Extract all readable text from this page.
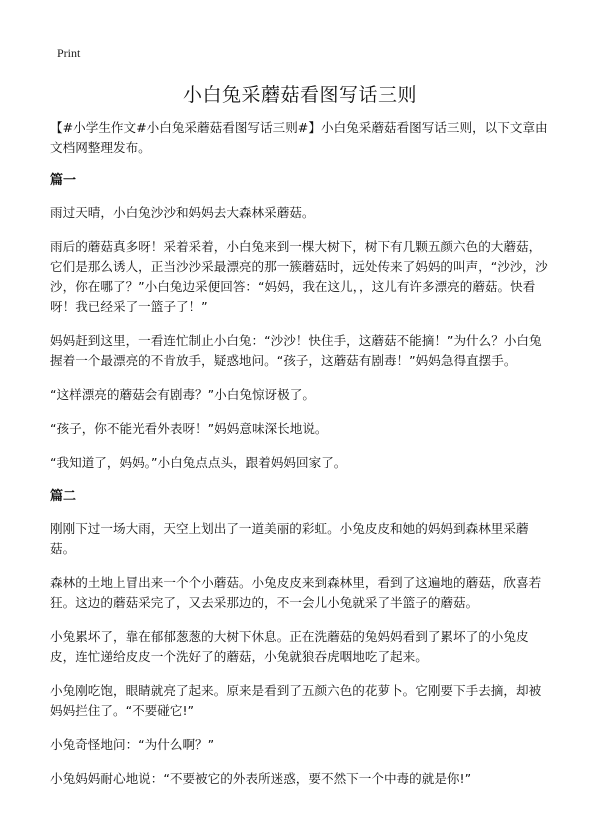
Print
小白兔采蘑菇看图写话三则

【#小学生作文#小白兔采蘑菇看图写话三则#】小白兔采蘑菇看图写话三则，以下文章由文档网整理发布。

篇一

雨过天晴，小白兔沙沙和妈妈去大森林采蘑菇。

雨后的蘑菇真多呀！采着采着，小白兔来到一棵大树下，树下有几颗五颜六色的大蘑菇，它们是那么诱人，正当沙沙采最漂亮的那一簇蘑菇时，远处传来了妈妈的叫声，“沙沙，沙沙，你在哪了？”小白兔边采便回答：“妈妈，我在这儿，，这儿有许多漂亮的蘑菇。快看呀！我已经采了一篮子了！”

妈妈赶到这里，一看连忙制止小白兔：“沙沙！快住手，这蘑菇不能摘！”为什么？小白兔握着一个最漂亮的不肯放手，疑惑地问。“孩子，这蘑菇有剧毒！”妈妈急得直摆手。

“这样漂亮的蘑菇会有剧毒？”小白兔惊讶极了。

“孩子，你不能光看外表呀！”妈妈意味深长地说。

“我知道了，妈妈。”小白兔点点头，跟着妈妈回家了。

篇二

刚刚下过一场大雨，天空上划出了一道美丽的彩虹。小兔皮皮和她的妈妈到森林里采蘑菇。

森林的土地上冒出来一个个小蘑菇。小兔皮皮来到森林里，看到了这遍地的蘑菇，欣喜若狂。这边的蘑菇采完了，又去采那边的，不一会儿小兔就采了半篮子的蘑菇。

小兔累坏了，靠在郁郁葱葱的大树下休息。正在洗蘑菇的兔妈妈看到了累坏了的小兔皮皮，连忙递给皮皮一个洗好了的蘑菇，小兔就狼吞虎咽地吃了起来。

小兔刚吃饱，眼睛就亮了起来。原来是看到了五颜六色的花萝卜。它刚要下手去摘，却被妈妈拦住了。“不要碰它!”

小兔奇怪地问：“为什么啊？”

小兔妈妈耐心地说：“不要被它的外表所迷惑，要不然下一个中毒的就是你!”
